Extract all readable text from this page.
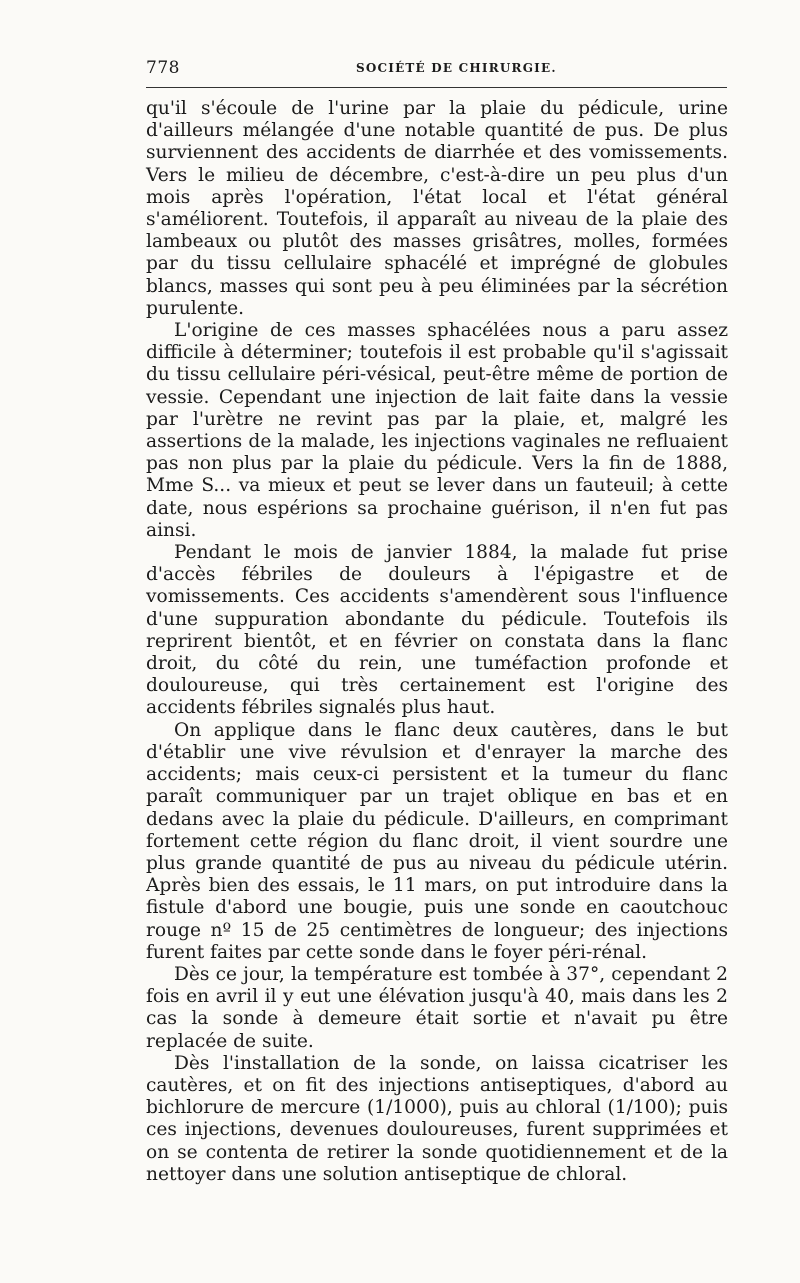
778	SOCIÉTÉ DE CHIRURGIE.

qu'il s'écoule de l'urine par la plaie du pédicule, urine d'ailleurs mélangée d'une notable quantité de pus. De plus surviennent des accidents de diarrhée et des vomissements. Vers le milieu de décembre, c'est-à-dire un peu plus d'un mois après l'opération, l'état local et l'état général s'améliorent. Toutefois, il apparaît au niveau de la plaie des lambeaux ou plutôt des masses grisâtres, molles, formées par du tissu cellulaire sphacélé et imprégné de globules blancs, masses qui sont peu à peu éliminées par la sécrétion purulente.

L'origine de ces masses sphacélées nous a paru assez difficile à déterminer; toutefois il est probable qu'il s'agissait du tissu cellulaire péri-vésical, peut-être même de portion de vessie. Cependant une injection de lait faite dans la vessie par l'urètre ne revint pas par la plaie, et, malgré les assertions de la malade, les injections vaginales ne refluaient pas non plus par la plaie du pédicule. Vers la fin de 1888, Mme S... va mieux et peut se lever dans un fauteuil; à cette date, nous espérions sa prochaine guérison, il n'en fut pas ainsi.

Pendant le mois de janvier 1884, la malade fut prise d'accès fébriles de douleurs à l'épigastre et de vomissements. Ces accidents s'amendèrent sous l'influence d'une suppuration abondante du pédicule. Toutefois ils reprirent bientôt, et en février on constata dans la flanc droit, du côté du rein, une tuméfaction profonde et douloureuse, qui très certainement est l'origine des accidents fébriles signalés plus haut.

On applique dans le flanc deux cautères, dans le but d'établir une vive révulsion et d'enrayer la marche des accidents; mais ceux-ci persistent et la tumeur du flanc paraît communiquer par un trajet oblique en bas et en dedans avec la plaie du pédicule. D'ailleurs, en comprimant fortement cette région du flanc droit, il vient sourdre une plus grande quantité de pus au niveau du pédicule utérin. Après bien des essais, le 11 mars, on put introduire dans la fistule d'abord une bougie, puis une sonde en caoutchouc rouge nº 15 de 25 centimètres de longueur; des injections furent faites par cette sonde dans le foyer péri-rénal.

Dès ce jour, la température est tombée à 37°, cependant 2 fois en avril il y eut une élévation jusqu'à 40, mais dans les 2 cas la sonde à demeure était sortie et n'avait pu être replacée de suite.

Dès l'installation de la sonde, on laissa cicatriser les cautères, et on fit des injections antiseptiques, d'abord au bichlorure de mercure (1/1000), puis au chloral (1/100); puis ces injections, devenues douloureuses, furent supprimées et on se contenta de retirer la sonde quotidiennement et de la nettoyer dans une solution antiseptique de chloral.
